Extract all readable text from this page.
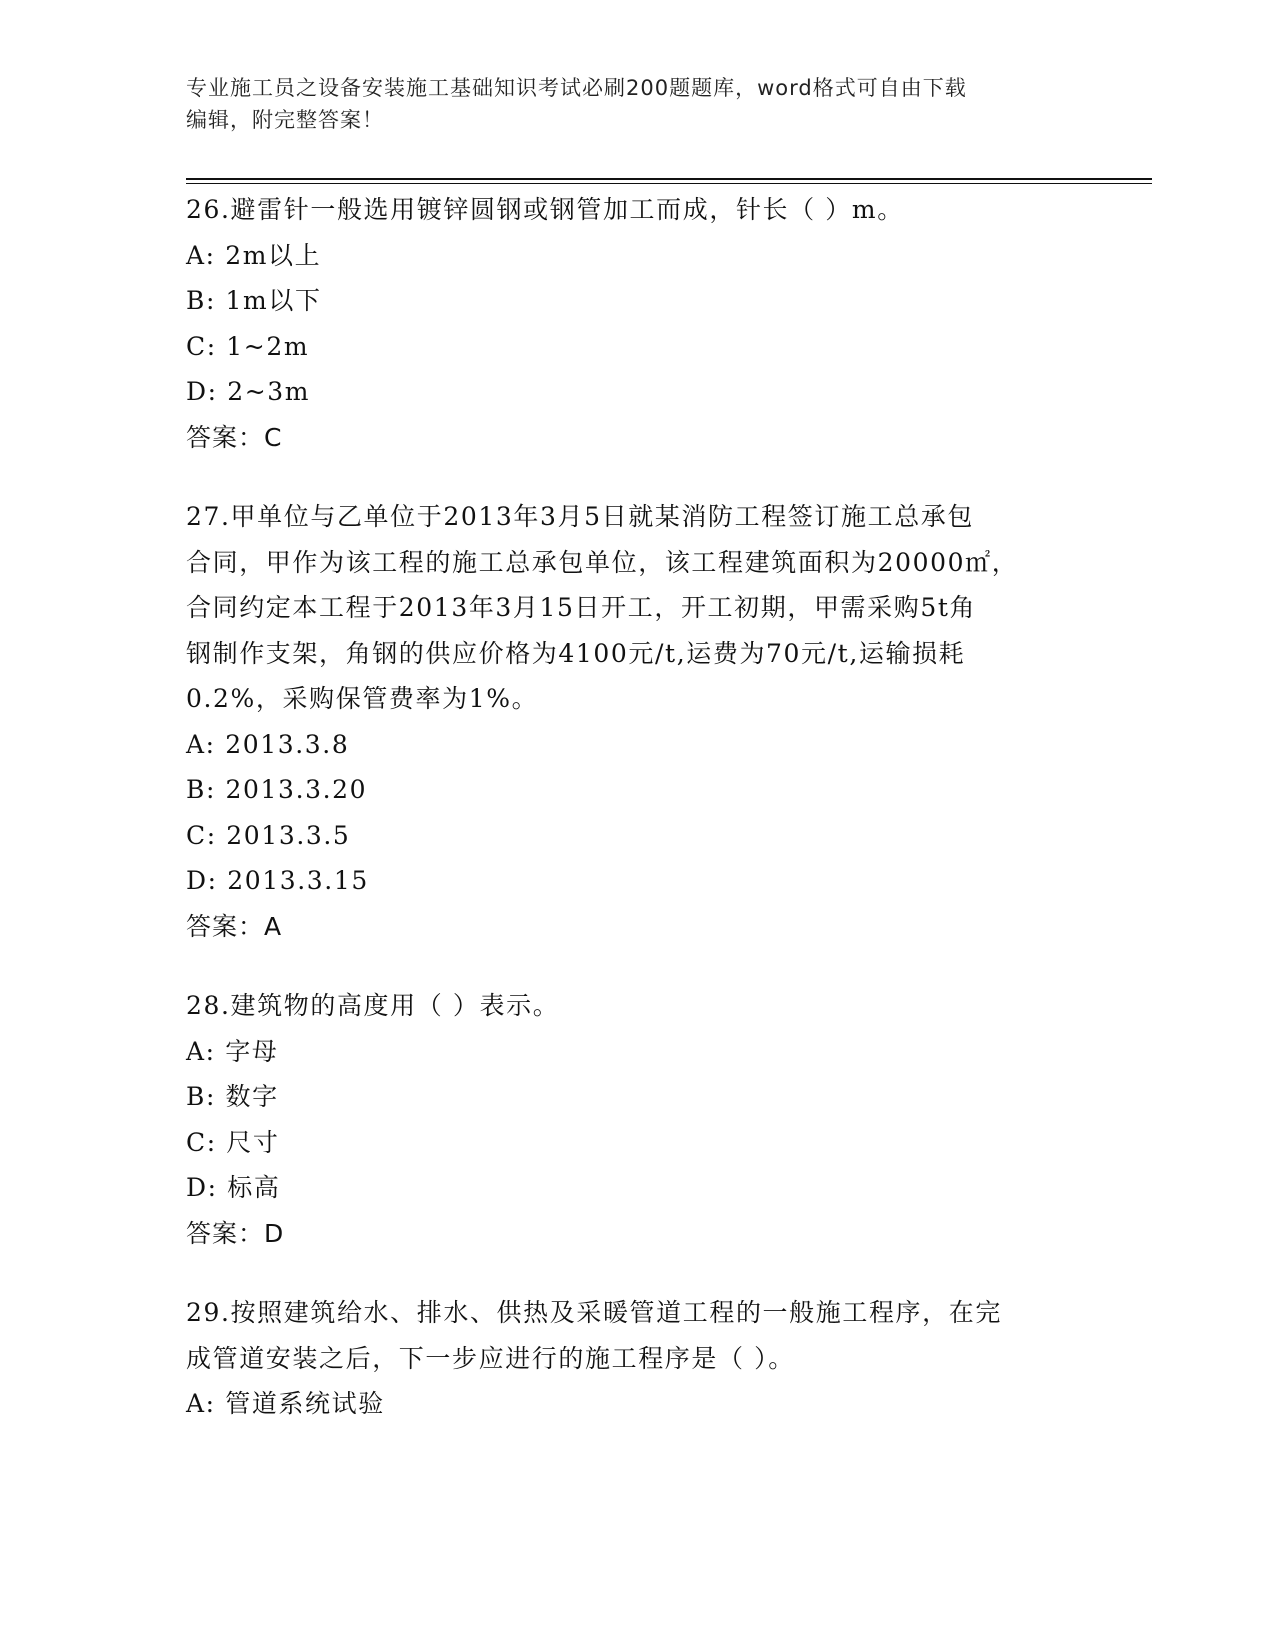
专业施工员之设备安装施工基础知识考试必刷200题题库，word格式可自由下载
编辑，附完整答案！
26.避雷针一般选用镀锌圆钢或钢管加工而成，针长（ ）m。
A: 2m以上
B: 1m以下
C: 1~2m
D: 2~3m
答案：C
27.甲单位与乙单位于2013年3月5日就某消防工程签订施工总承包
合同，甲作为该工程的施工总承包单位，该工程建筑面积为20000㎡，
合同约定本工程于2013年3月15日开工，开工初期，甲需采购5t角
钢制作支架，角钢的供应价格为4100元/t,运费为70元/t,运输损耗
0.2%，采购保管费率为1%。
A: 2013.3.8
B: 2013.3.20
C: 2013.3.5
D: 2013.3.15
答案：A
28.建筑物的高度用（ ）表示。
A: 字母
B: 数字
C: 尺寸
D: 标高
答案：D
29.按照建筑给水、排水、供热及采暖管道工程的一般施工程序，在完
成管道安装之后，下一步应进行的施工程序是（ ）。
A: 管道系统试验
